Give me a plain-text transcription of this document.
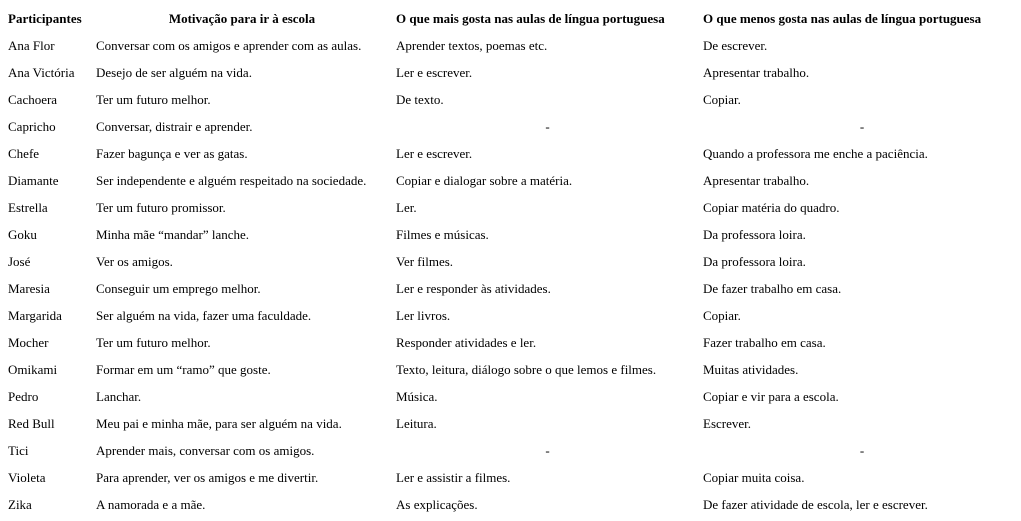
Participantes	Motivação para ir à escola	O que mais gosta nas aulas de língua portuguesa	O que menos gosta nas aulas de língua portuguesa
Ana Flor	Conversar com os amigos e aprender com as aulas.	Aprender textos, poemas etc.	De escrever.
Ana Victória	Desejo de ser alguém na vida.	Ler e escrever.	Apresentar trabalho.
Cachoera	Ter um futuro melhor.	De texto.	Copiar.
Capricho	Conversar, distrair e aprender.	-	-
Chefe	Fazer bagunça e ver as gatas.	Ler e escrever.	Quando a professora me enche a paciência.
Diamante	Ser independente e alguém respeitado na sociedade.	Copiar e dialogar sobre a matéria.	Apresentar trabalho.
Estrella	Ter um futuro promissor.	Ler.	Copiar matéria do quadro.
Goku	Minha mãe “mandar” lanche.	Filmes e músicas.	Da professora loira.
José	Ver os amigos.	Ver filmes.	Da professora loira.
Maresia	Conseguir um emprego melhor.	Ler e responder às atividades.	De fazer trabalho em casa.
Margarida	Ser alguém na vida, fazer uma faculdade.	Ler livros.	Copiar.
Mocher	Ter um futuro melhor.	Responder atividades e ler.	Fazer trabalho em casa.
Omikami	Formar em um “ramo” que goste.	Texto, leitura, diálogo sobre o que lemos e filmes.	Muitas atividades.
Pedro	Lanchar.	Música.	Copiar e vir para a escola.
Red Bull	Meu pai e minha mãe, para ser alguém na vida.	Leitura.	Escrever.
Tici	Aprender mais, conversar com os amigos.	-	-
Violeta	Para aprender, ver os amigos e me divertir.	Ler e assistir a filmes.	Copiar muita coisa.
Zika	A namorada e a mãe.	As explicações.	De fazer atividade de escola, ler e escrever.
